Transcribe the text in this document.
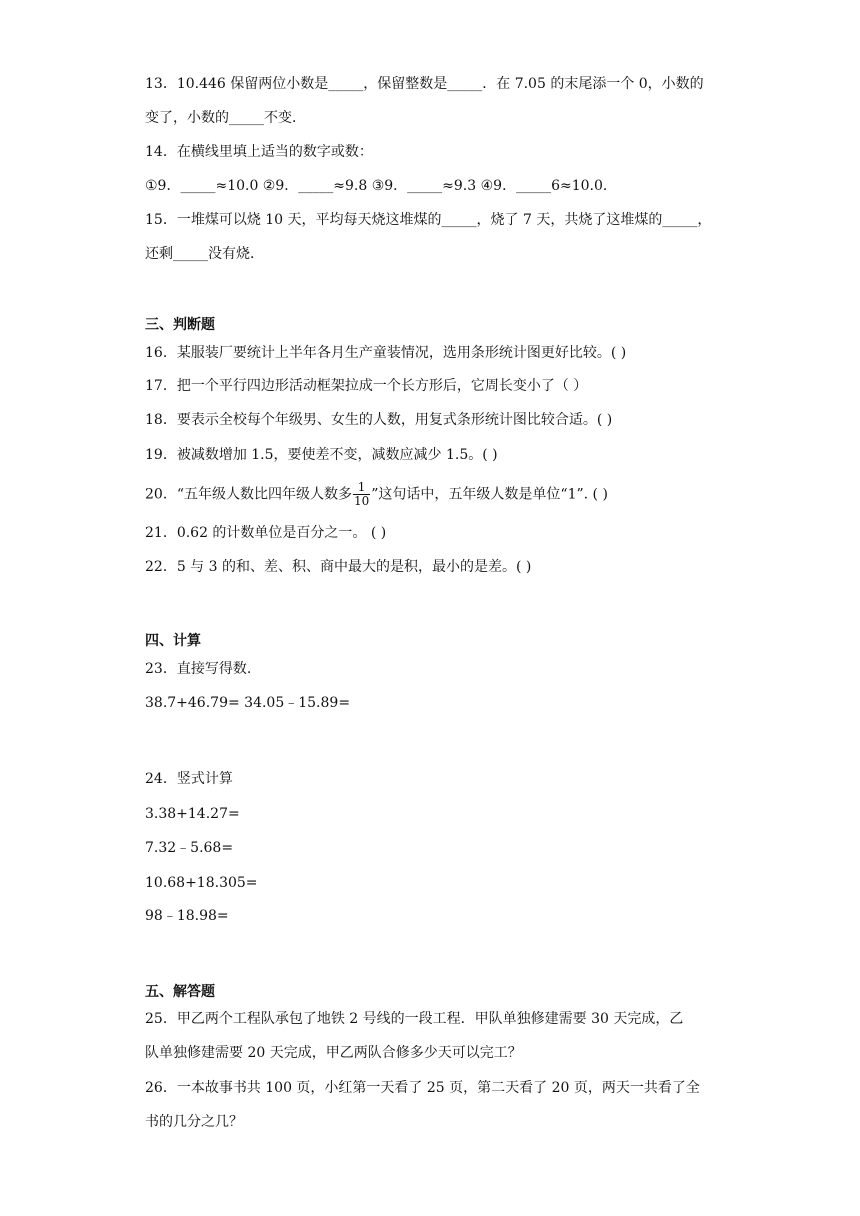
13．10.446 保留两位小数是_____，保留整数是_____．在 7.05 的末尾添一个 0，小数的
变了，小数的_____不变．
14．在横线里填上适当的数字或数：
①9．_____≈10.0 ②9．_____≈9.8 ③9．_____≈9.3 ④9．_____6≈10.0．
15．一堆煤可以烧 10 天，平均每天烧这堆煤的_____，烧了 7 天，共烧了这堆煤的_____，
还剩_____没有烧．
三、判断题
16．某服装厂要统计上半年各月生产童装情况，选用条形统计图更好比较。( )
17．把一个平行四边形活动框架拉成一个长方形后，它周长变小了（ ）
18．要表示全校每个年级男、女生的人数，用复式条形统计图比较合适。( )
19．被减数增加 1.5，要使差不变，减数应减少 1.5。( )
20．“五年级人数比四年级人数多 $\frac{1}{10}$ ”这句话中，五年级人数是单位“1”. ( )
21．0.62 的计数单位是百分之一。 ( )
22．5 与 3 的和、差、积、商中最大的是积，最小的是差。( )
四、计算
23．直接写得数.
38.7+46.79= 34.05﹣15.89=
24．竖式计算
3.38+14.27=
7.32﹣5.68=
10.68+18.305=
98﹣18.98=
五、解答题
25．甲乙两个工程队承包了地铁 2 号线的一段工程．甲队单独修建需要 30 天完成，乙
队单独修建需要 20 天完成，甲乙两队合修多少天可以完工？
26．一本故事书共 100 页，小红第一天看了 25 页，第二天看了 20 页，两天一共看了全
书的几分之几？
